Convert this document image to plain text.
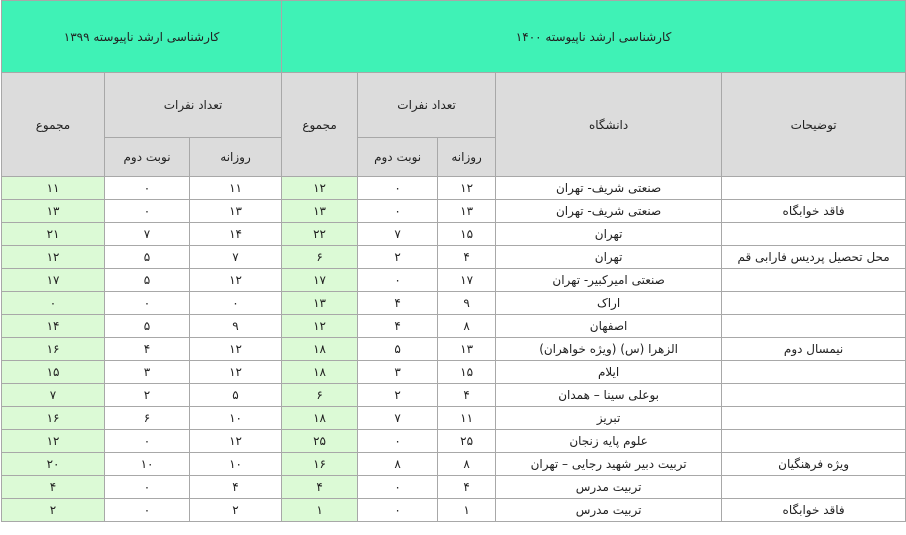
کارشناسی ارشد ناپیوسته ۱۴۰۰					کارشناسی ارشد ناپیوسته ۱۳۹۹		
توضیحات	دانشگاه	تعداد نفرات		مجموع	تعداد نفرات		مجموع
		روزانه	نوبت دوم		روزانه	نوبت دوم	
	صنعتی شریف- تهران	۱۲	۰	۱۲	۱۱	۰	۱۱
فاقد خوابگاه	صنعتی شریف- تهران	۱۳	۰	۱۳	۱۳	۰	۱۳
	تهران	۱۵	۷	۲۲	۱۴	۷	۲۱
محل تحصیل پردیس فارابی قم	تهران	۴	۲	۶	۷	۵	۱۲
	صنعتی امیرکبیر- تهران	۱۷	۰	۱۷	۱۲	۵	۱۷
	اراک	۹	۴	۱۳	۰	۰	۰
	اصفهان	۸	۴	۱۲	۹	۵	۱۴
نیمسال دوم	الزهرا (س) (ویژه خواهران)	۱۳	۵	۱۸	۱۲	۴	۱۶
	ایلام	۱۵	۳	۱۸	۱۲	۳	۱۵
	بوعلی سینا – همدان	۴	۲	۶	۵	۲	۷
	تبریز	۱۱	۷	۱۸	۱۰	۶	۱۶
	علوم پایه زنجان	۲۵	۰	۲۵	۱۲	۰	۱۲
ویژه فرهنگیان	تربیت دبیر شهید رجایی – تهران	۸	۸	۱۶	۱۰	۱۰	۲۰
	تربیت مدرس	۴	۰	۴	۴	۰	۴
فاقد خوابگاه	تربیت مدرس	۱	۰	۱	۲	۰	۲
